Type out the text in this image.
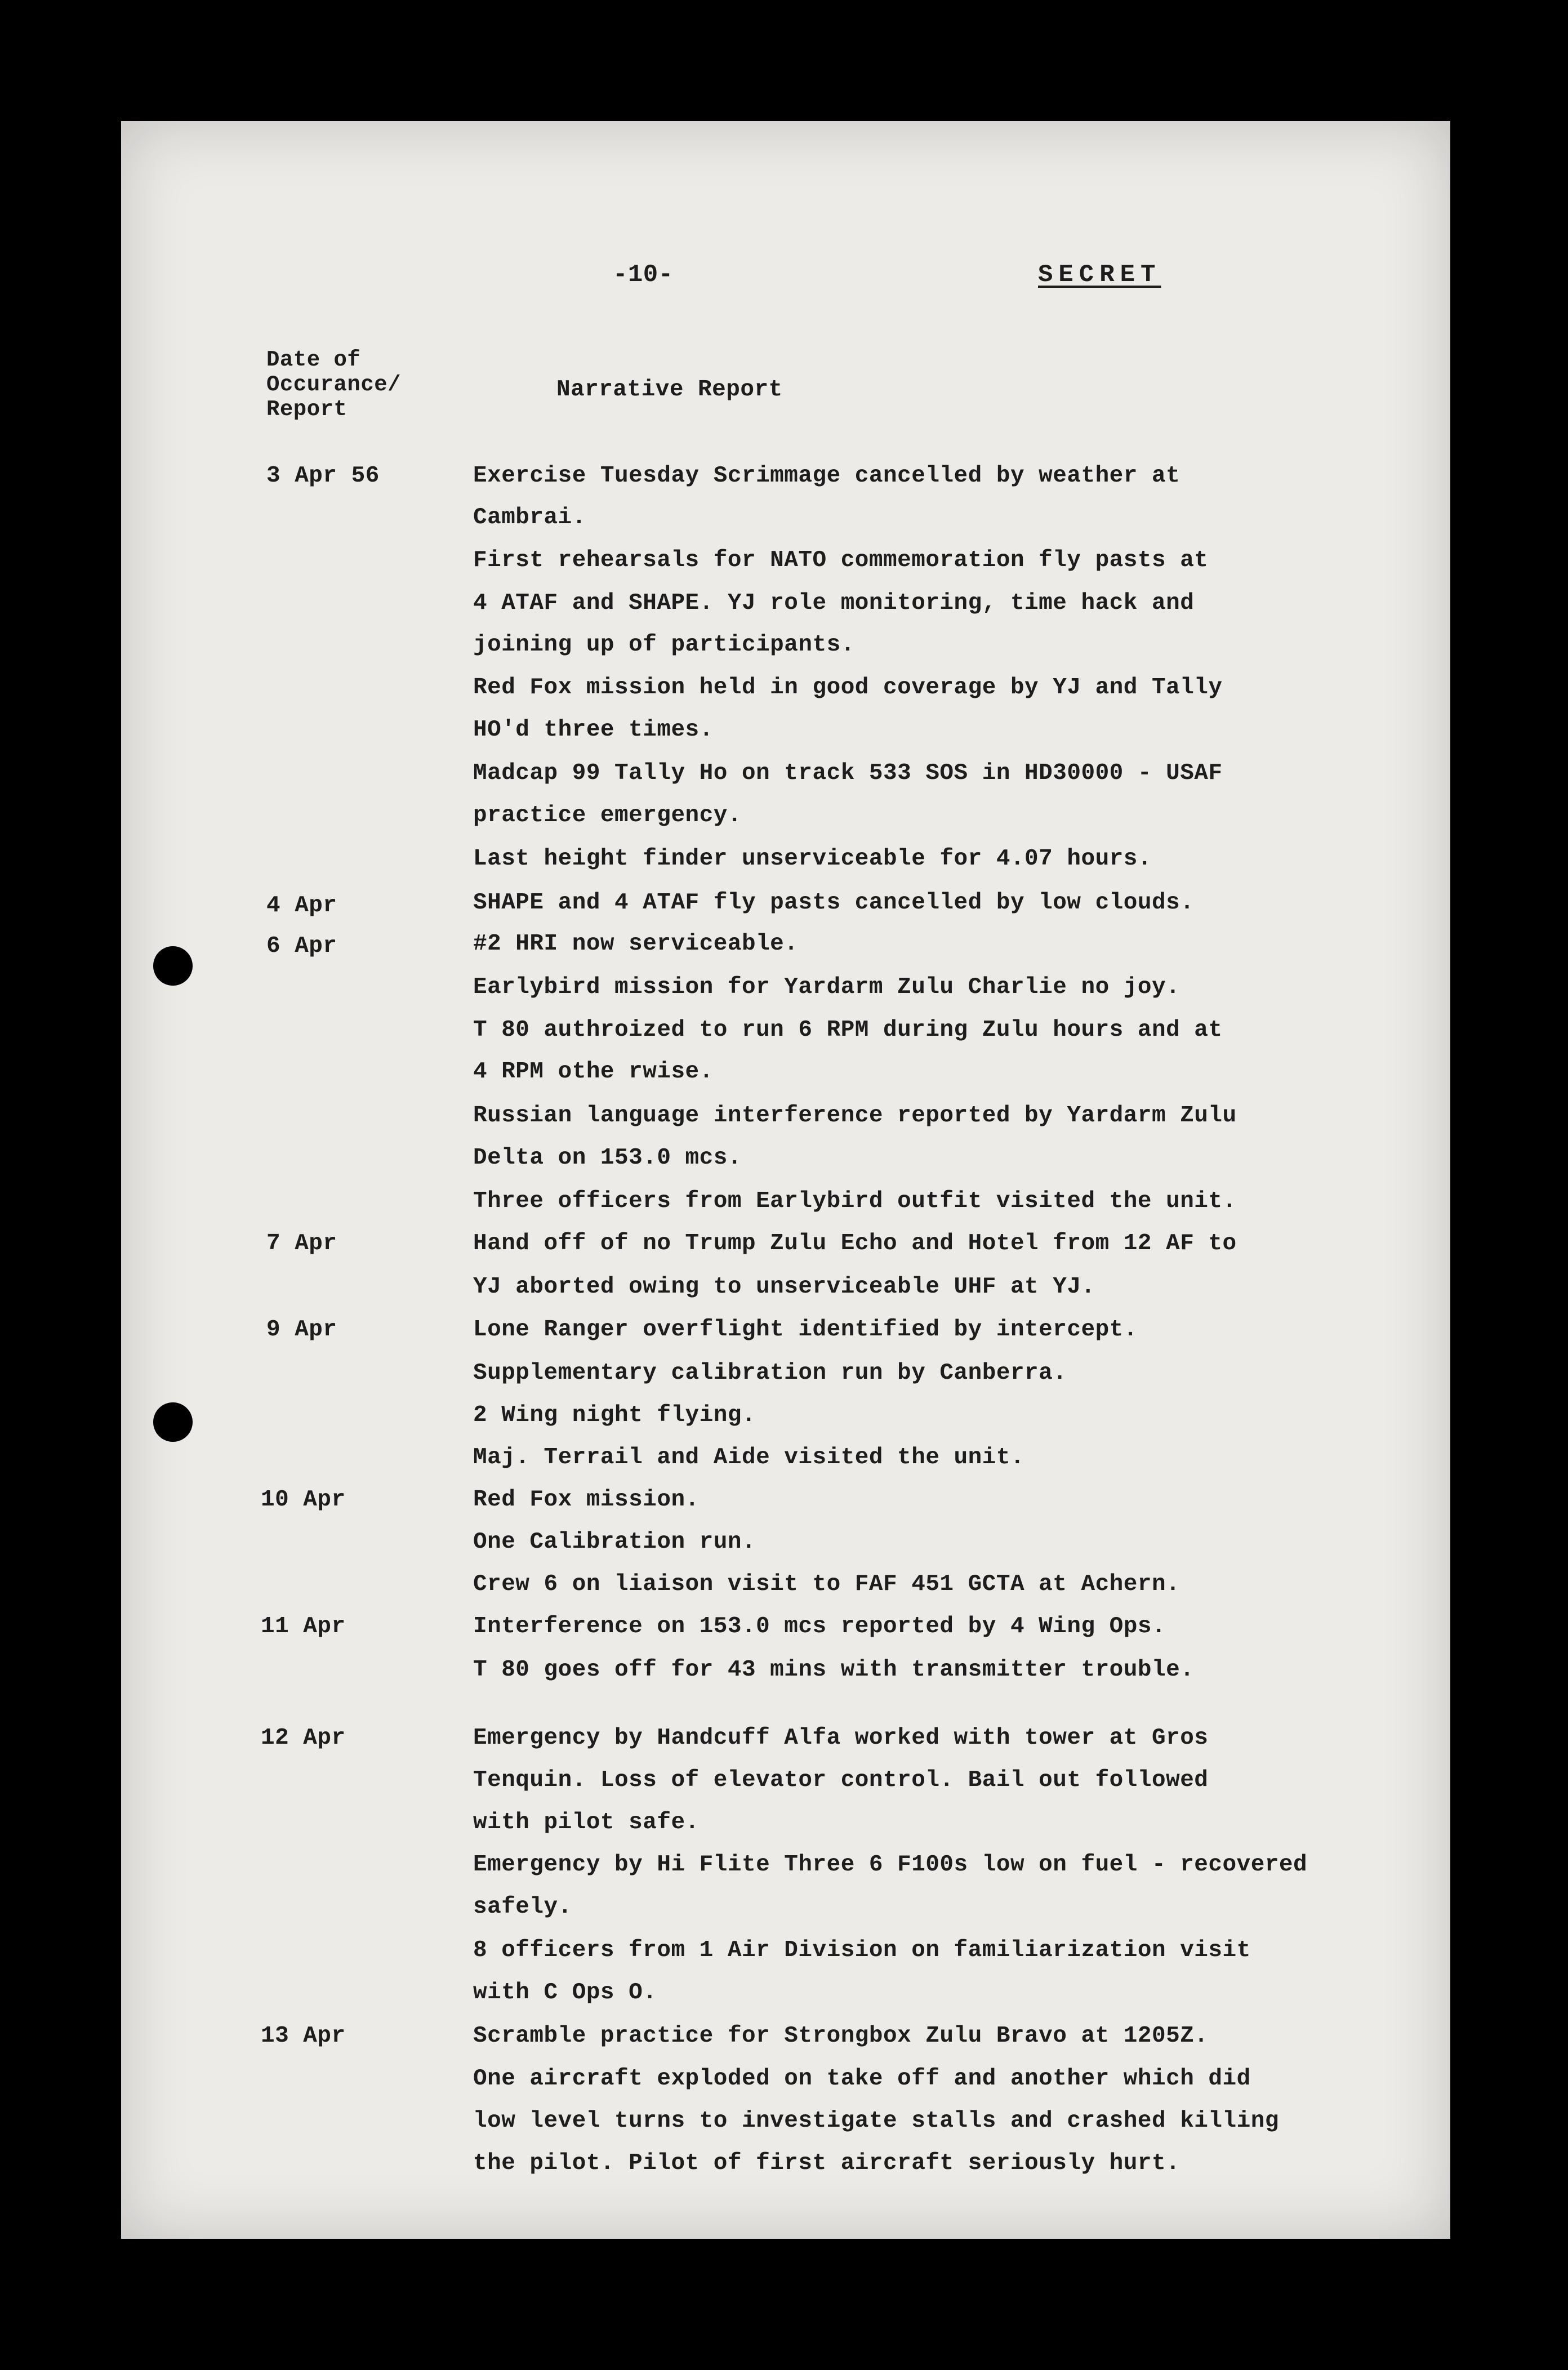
-10-	SECRET
Date of
Occurance/
Report
Narrative Report
3 Apr 56
4 Apr
6 Apr
7 Apr
9 Apr
10 Apr
11 Apr
12 Apr
13 Apr
Exercise Tuesday Scrimmage cancelled by weather at
Cambrai.
First rehearsals for NATO commemoration fly pasts at
4 ATAF and SHAPE. YJ role monitoring, time hack and
joining up of participants.
Red Fox mission held in good coverage by YJ and Tally
HO'd three times.
Madcap 99 Tally Ho on track 533 SOS in HD30000 - USAF
practice emergency.
Last height finder unserviceable for 4.07 hours.
SHAPE and 4 ATAF fly pasts cancelled by low clouds.
#2 HRI now serviceable.
Earlybird mission for Yardarm Zulu Charlie no joy.
T 80 authroized to run 6 RPM during Zulu hours and at
4 RPM othe rwise.
Russian language interference reported by Yardarm Zulu
Delta on 153.0 mcs.
Three officers from Earlybird outfit visited the unit.
Hand off of no Trump Zulu Echo and Hotel from 12 AF to
YJ aborted owing to unserviceable UHF at YJ.
Lone Ranger overflight identified by intercept.
Supplementary calibration run by Canberra.
2 Wing night flying.
Maj. Terrail and Aide visited the unit.
Red Fox mission.
One Calibration run.
Crew 6 on liaison visit to FAF 451 GCTA at Achern.
Interference on 153.0 mcs reported by 4 Wing Ops.
T 80 goes off for 43 mins with transmitter trouble.
Emergency by Handcuff Alfa worked with tower at Gros
Tenquin. Loss of elevator control. Bail out followed
with pilot safe.
Emergency by Hi Flite Three 6 F100s low on fuel - recovered
safely.
8 officers from 1 Air Division on familiarization visit
with C Ops O.
Scramble practice for Strongbox Zulu Bravo at 1205Z.
One aircraft exploded on take off and another which did
low level turns to investigate stalls and crashed killing
the pilot. Pilot of first aircraft seriously hurt.
